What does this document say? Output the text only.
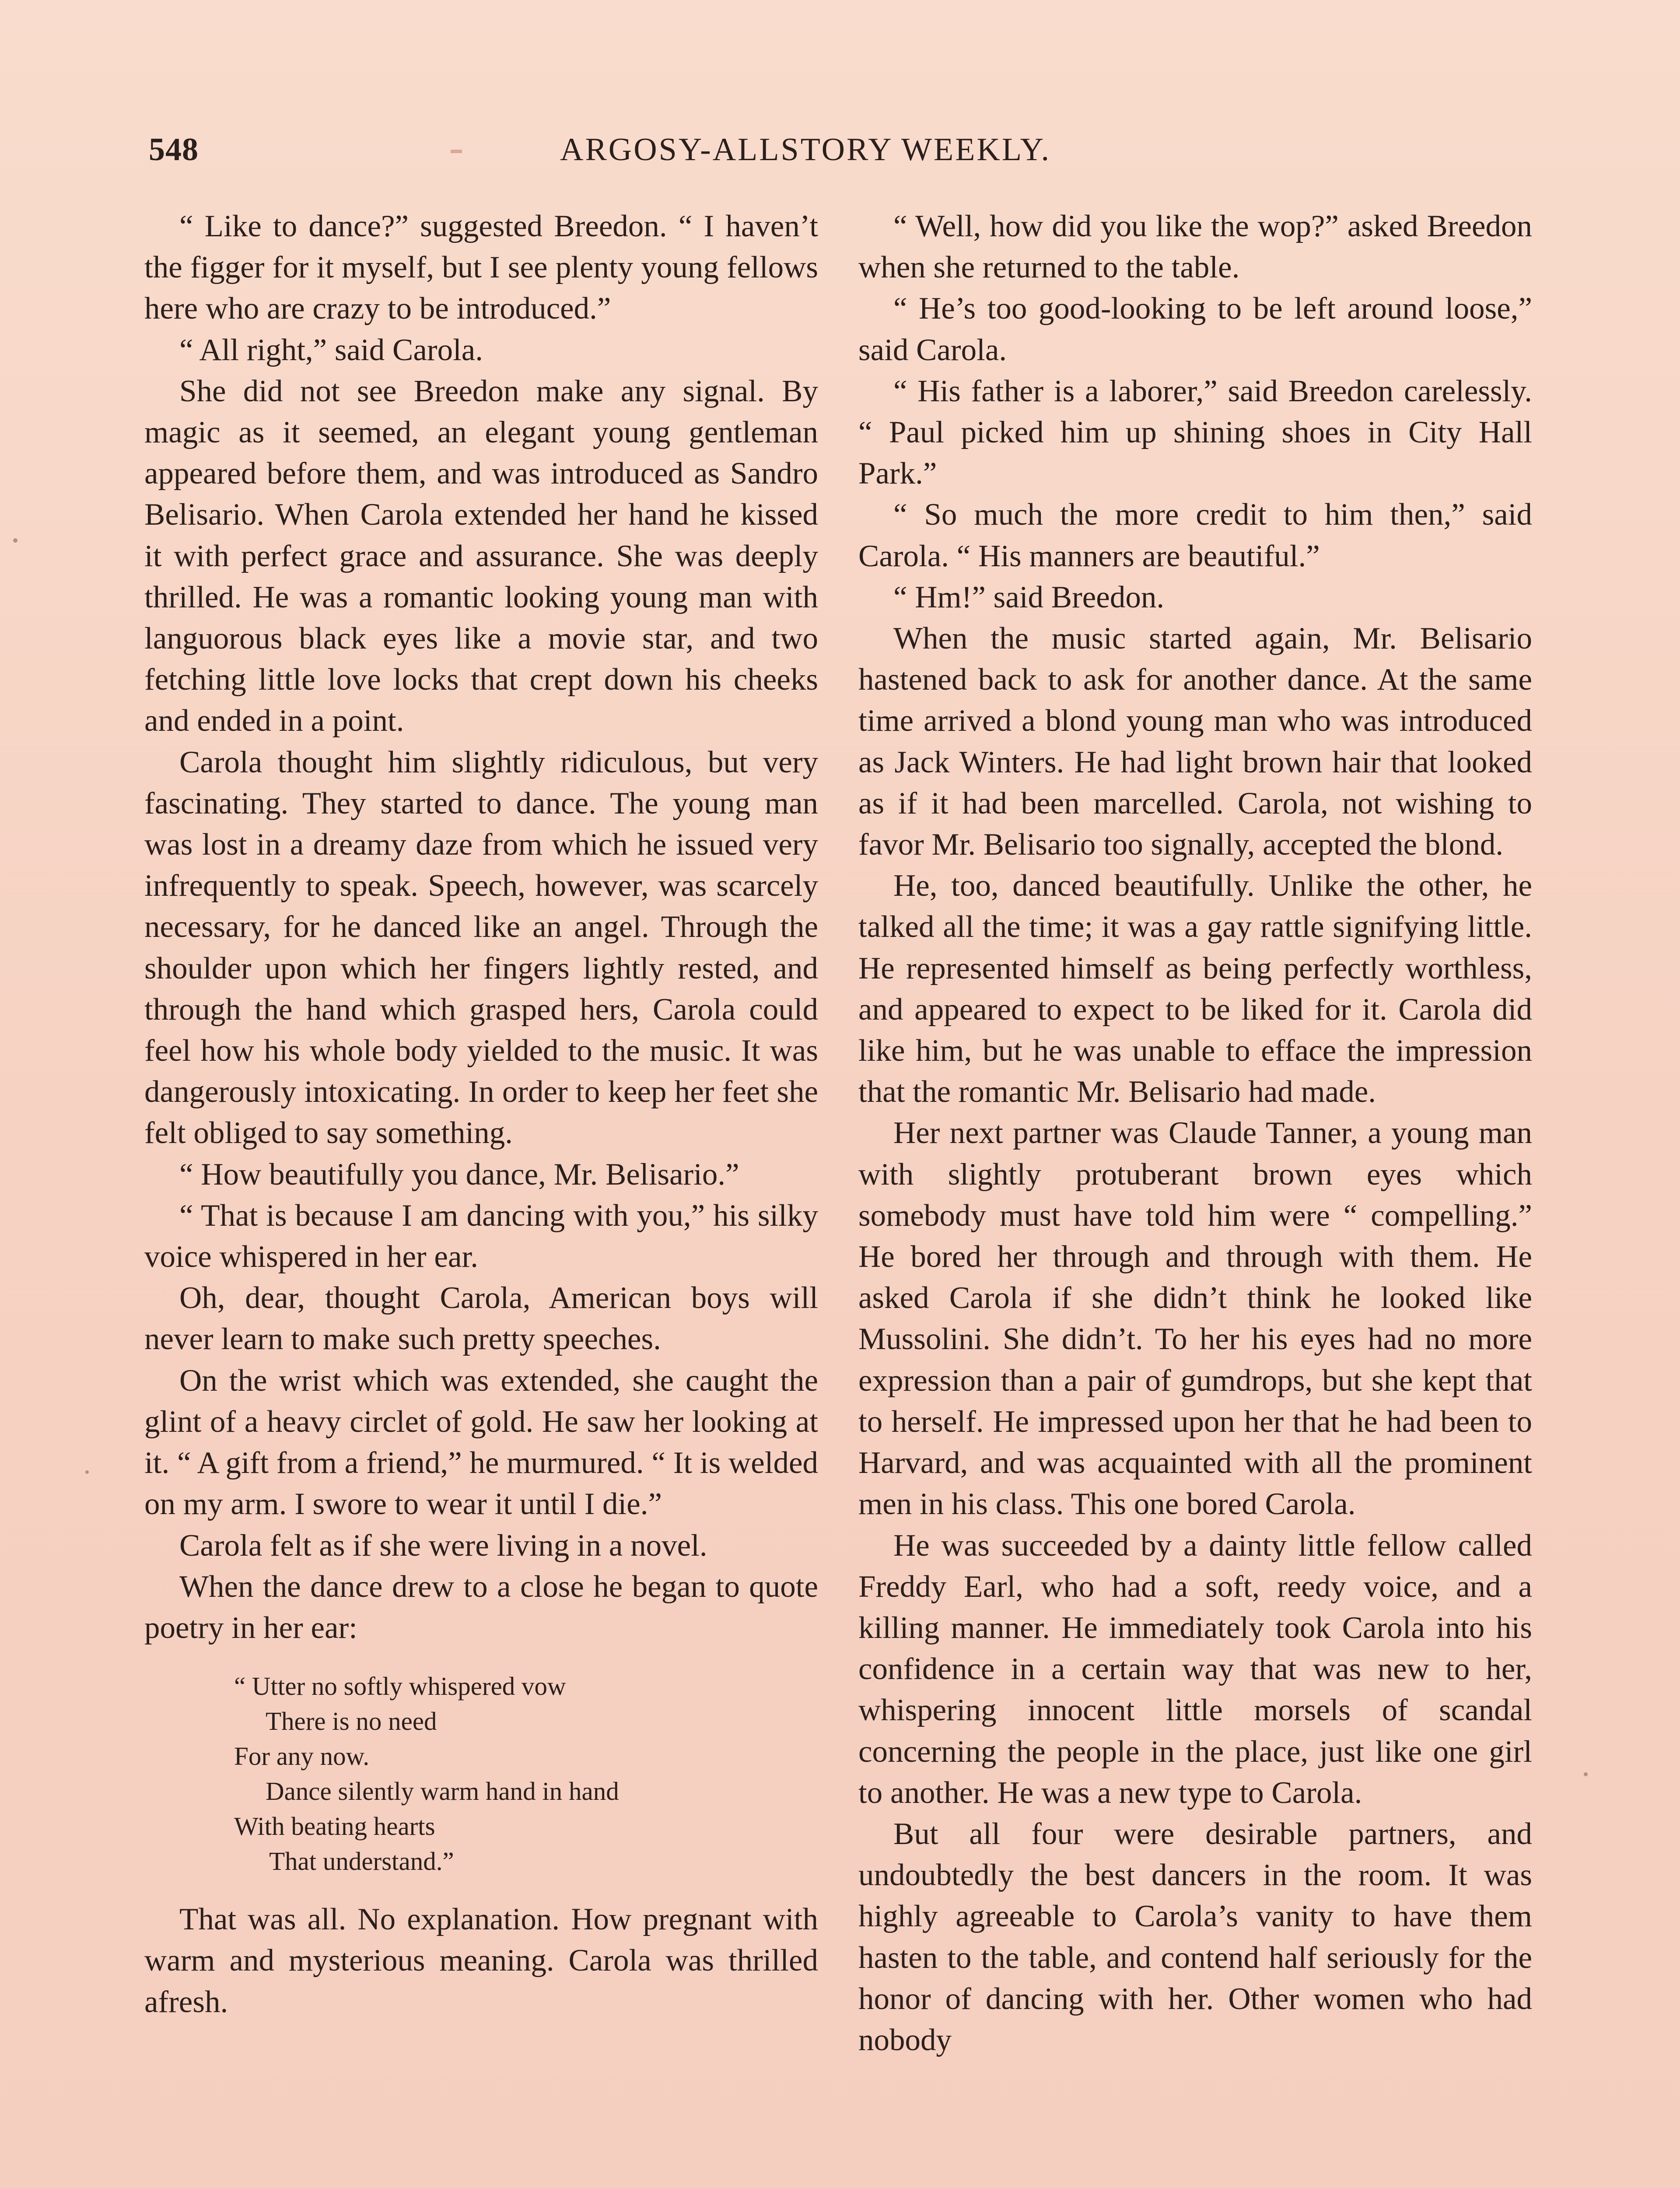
548	ARGOSY-ALLSTORY WEEKLY.

“ Like to dance?” suggested Breedon. “ I haven’t the figger for it myself, but I see plenty young fellows here who are crazy to be introduced.”

“ All right,” said Carola.

She did not see Breedon make any signal. By magic as it seemed, an elegant young gentleman appeared before them, and was introduced as Sandro Belisario. When Carola extended her hand he kissed it with perfect grace and assurance. She was deeply thrilled. He was a romantic looking young man with languorous black eyes like a movie star, and two fetching little love locks that crept down his cheeks and ended in a point.

Carola thought him slightly ridiculous, but very fascinating. They started to dance. The young man was lost in a dreamy daze from which he issued very infrequently to speak. Speech, however, was scarcely necessary, for he danced like an angel. Through the shoulder upon which her fingers lightly rested, and through the hand which grasped hers, Carola could feel how his whole body yielded to the music. It was dangerously intoxicating. In order to keep her feet she felt obliged to say something.

“ How beautifully you dance, Mr. Belisario.”

“ That is because I am dancing with you,” his silky voice whispered in her ear.

Oh, dear, thought Carola, American boys will never learn to make such pretty speeches.

On the wrist which was extended, she caught the glint of a heavy circlet of gold. He saw her looking at it. “ A gift from a friend,” he murmured. “ It is welded on my arm. I swore to wear it until I die.”

Carola felt as if she were living in a novel.

When the dance drew to a close he began to quote poetry in her ear:

“ Utter no softly whispered vow
There is no need
For any now.
Dance silently warm hand in hand
With beating hearts
That understand.”

That was all. No explanation. How pregnant with warm and mysterious meaning. Carola was thrilled afresh.

“ Well, how did you like the wop?” asked Breedon when she returned to the table.

“ He’s too good-looking to be left around loose,” said Carola.

“ His father is a laborer,” said Breedon carelessly. “ Paul picked him up shining shoes in City Hall Park.”

“ So much the more credit to him then,” said Carola. “ His manners are beautiful.”

“ Hm!” said Breedon.

When the music started again, Mr. Belisario hastened back to ask for another dance. At the same time arrived a blond young man who was introduced as Jack Winters. He had light brown hair that looked as if it had been marcelled. Carola, not wishing to favor Mr. Belisario too signally, accepted the blond.

He, too, danced beautifully. Unlike the other, he talked all the time; it was a gay rattle signifying little. He represented himself as being perfectly worthless, and appeared to expect to be liked for it. Carola did like him, but he was unable to efface the impression that the romantic Mr. Belisario had made.

Her next partner was Claude Tanner, a young man with slightly protuberant brown eyes which somebody must have told him were “ compelling.” He bored her through and through with them. He asked Carola if she didn’t think he looked like Mussolini. She didn’t. To her his eyes had no more expression than a pair of gumdrops, but she kept that to herself. He impressed upon her that he had been to Harvard, and was acquainted with all the prominent men in his class. This one bored Carola.

He was succeeded by a dainty little fellow called Freddy Earl, who had a soft, reedy voice, and a killing manner. He immediately took Carola into his confidence in a certain way that was new to her, whispering innocent little morsels of scandal concerning the people in the place, just like one girl to another. He was a new type to Carola.

But all four were desirable partners, and undoubtedly the best dancers in the room. It was highly agreeable to Carola’s vanity to have them hasten to the table, and contend half seriously for the honor of dancing with her. Other women who had nobody
